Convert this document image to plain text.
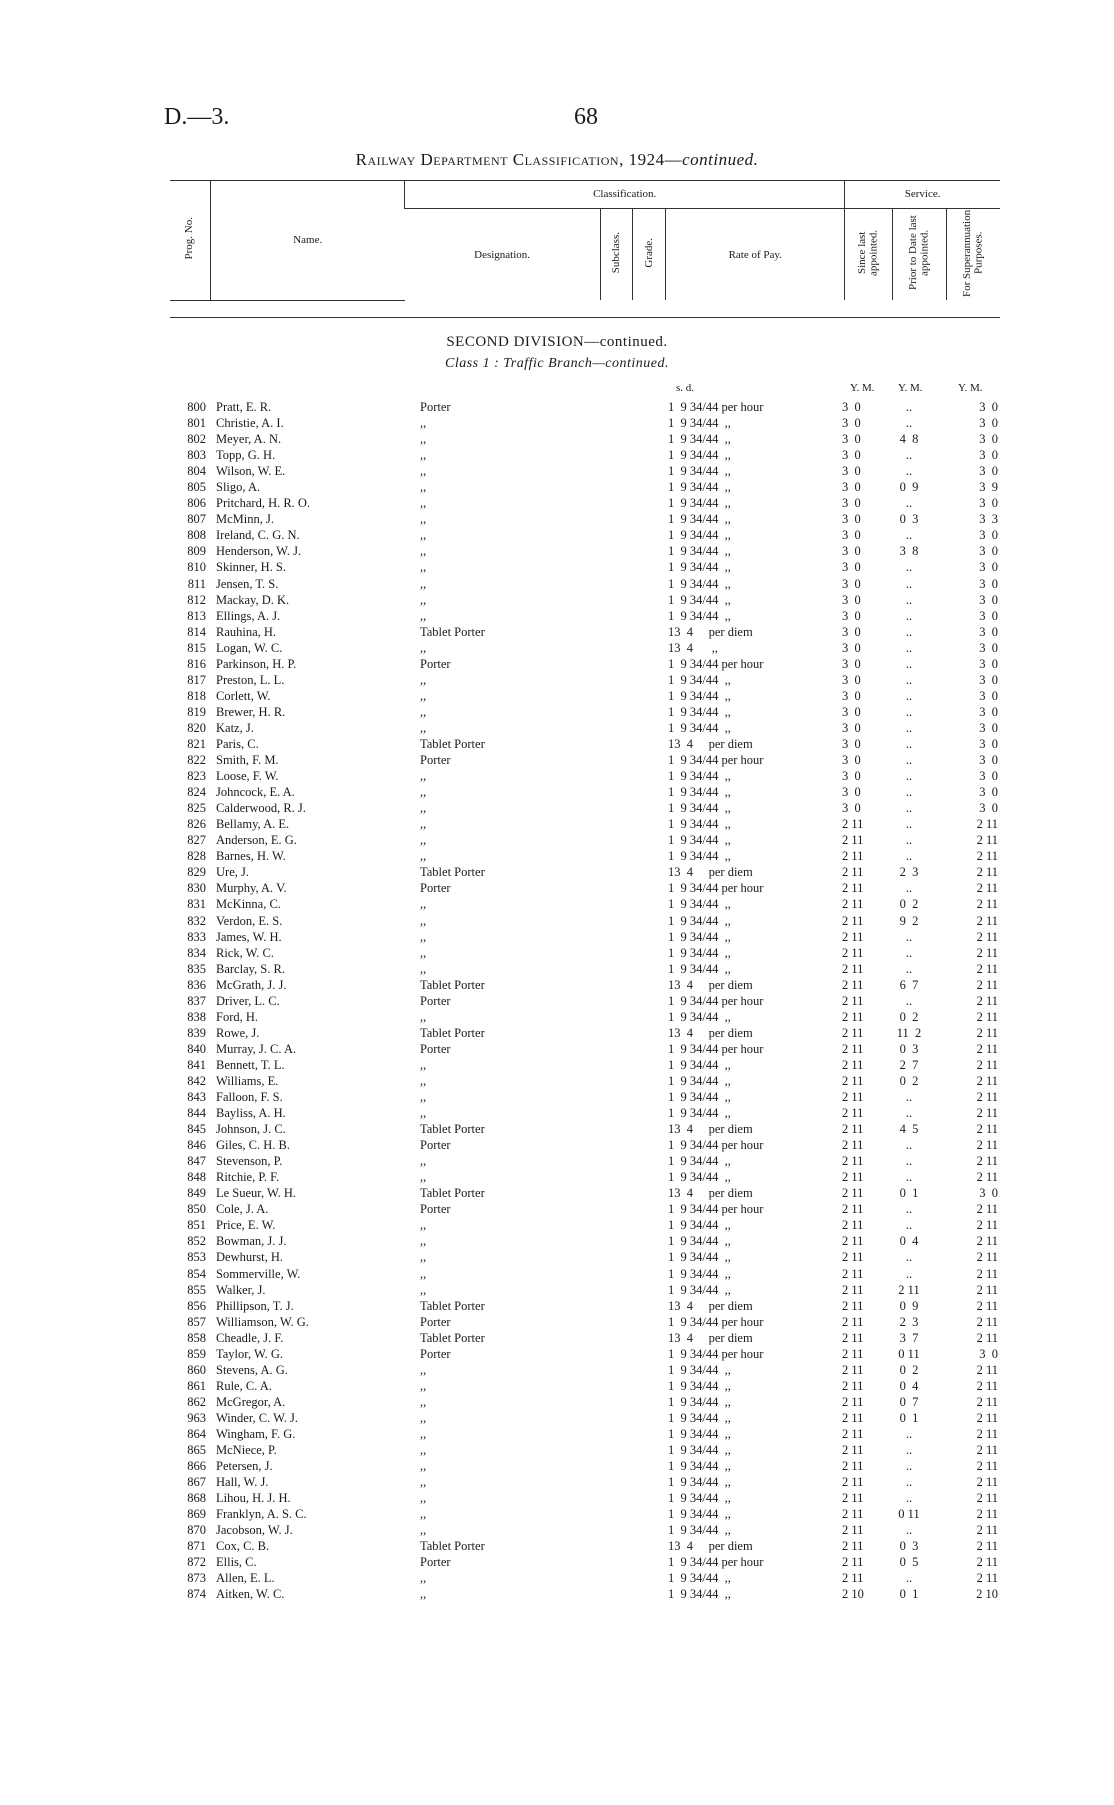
D.—3.	68
Railway Department Classification, 1924—continued.
Prog. No.	Name.	Classification.				Service.		
		Designation.	Subclass.	Grade.	Rate of Pay.	Since last appointed.	Prior to Date last appointed.	For Superannuation Purposes.
SECOND DIVISION—continued.
Class 1 : Traffic Branch—continued.
s. d.	Y. M. Y. M.	Y. M.
800 Pratt, E. R.	Porter	1  9 34/44 per hour	3  0	..	3  0
801 Christie, A. I.	,,	1  9 34/44  ,,	3  0	..	3  0
802 Meyer, A. N.	,,	1  9 34/44  ,,	3  0	4  8	3  0
803 Topp, G. H.	,,	1  9 34/44  ,,	3  0	..	3  0
804 Wilson, W. E.	,,	1  9 34/44  ,,	3  0	..	3  0
805 Sligo, A.	,,	1  9 34/44  ,,	3  0	0  9	3  9
806 Pritchard, H. R. O.	,,	1  9 34/44  ,,	3  0	..	3  0
807 McMinn, J.	,,	1  9 34/44  ,,	3  0	0  3	3  3
808 Ireland, C. G. N.	,,	1  9 34/44  ,,	3  0	..	3  0
809 Henderson, W. J.	,,	1  9 34/44  ,,	3  0	3  8	3  0
810 Skinner, H. S.	,,	1  9 34/44  ,,	3  0	..	3  0
811 Jensen, T. S.	,,	1  9 34/44  ,,	3  0	..	3  0
812 Mackay, D. K.	,,	1  9 34/44  ,,	3  0	..	3  0
813 Ellings, A. J.	,,	1  9 34/44  ,,	3  0	..	3  0
814 Rauhina, H.	Tablet Porter	13  4     per diem	3  0	..	3  0
815 Logan, W. C.	,,	13  4      ,,	3  0	..	3  0
816 Parkinson, H. P.	Porter	1  9 34/44 per hour	3  0	..	3  0
817 Preston, L. L.	,,	1  9 34/44  ,,	3  0	..	3  0
818 Corlett, W.	,,	1  9 34/44  ,,	3  0	..	3  0
819 Brewer, H. R.	,,	1  9 34/44  ,,	3  0	..	3  0
820 Katz, J.	,,	1  9 34/44  ,,	3  0	..	3  0
821 Paris, C.	Tablet Porter	13  4     per diem	3  0	..	3  0
822 Smith, F. M.	Porter	1  9 34/44 per hour	3  0	..	3  0
823 Loose, F. W.	,,	1  9 34/44  ,,	3  0	..	3  0
824 Johncock, E. A.	,,	1  9 34/44  ,,	3  0	..	3  0
825 Calderwood, R. J.	,,	1  9 34/44  ,,	3  0	..	3  0
826 Bellamy, A. E.	,,	1  9 34/44  ,,	2 11	..	2 11
827 Anderson, E. G.	,,	1  9 34/44  ,,	2 11	..	2 11
828 Barnes, H. W.	,,	1  9 34/44  ,,	2 11	..	2 11
829 Ure, J.	Tablet Porter	13  4     per diem	2 11	2  3	2 11
830 Murphy, A. V.	Porter	1  9 34/44 per hour	2 11	..	2 11
831 McKinna, C.	,,	1  9 34/44  ,,	2 11	0  2	2 11
832 Verdon, E. S.	,,	1  9 34/44  ,,	2 11	9  2	2 11
833 James, W. H.	,,	1  9 34/44  ,,	2 11	..	2 11
834 Rick, W. C.	,,	1  9 34/44  ,,	2 11	..	2 11
835 Barclay, S. R.	,,	1  9 34/44  ,,	2 11	..	2 11
836 McGrath, J. J.	Tablet Porter	13  4     per diem	2 11	6  7	2 11
837 Driver, L. C.	Porter	1  9 34/44 per hour	2 11	..	2 11
838 Ford, H.	,,	1  9 34/44  ,,	2 11	0  2	2 11
839 Rowe, J.	Tablet Porter	13  4     per diem	2 11	11  2	2 11
840 Murray, J. C. A.	Porter	1  9 34/44 per hour	2 11	0  3	2 11
841 Bennett, T. L.	,,	1  9 34/44  ,,	2 11	2  7	2 11
842 Williams, E.	,,	1  9 34/44  ,,	2 11	0  2	2 11
843 Falloon, F. S.	,,	1  9 34/44  ,,	2 11	..	2 11
844 Bayliss, A. H.	,,	1  9 34/44  ,,	2 11	..	2 11
845 Johnson, J. C.	Tablet Porter	13  4     per diem	2 11	4  5	2 11
846 Giles, C. H. B.	Porter	1  9 34/44 per hour	2 11	..	2 11
847 Stevenson, P.	,,	1  9 34/44  ,,	2 11	..	2 11
848 Ritchie, P. F.	,,	1  9 34/44  ,,	2 11	..	2 11
849 Le Sueur, W. H.	Tablet Porter	13  4     per diem	2 11	0  1	3  0
850 Cole, J. A.	Porter	1  9 34/44 per hour	2 11	..	2 11
851 Price, E. W.	,,	1  9 34/44  ,,	2 11	..	2 11
852 Bowman, J. J.	,,	1  9 34/44  ,,	2 11	0  4	2 11
853 Dewhurst, H.	,,	1  9 34/44  ,,	2 11	..	2 11
854 Sommerville, W.	,,	1  9 34/44  ,,	2 11	..	2 11
855 Walker, J.	,,	1  9 34/44  ,,	2 11	2 11	2 11
856 Phillipson, T. J.	Tablet Porter	13  4     per diem	2 11	0  9	2 11
857 Williamson, W. G.	Porter	1  9 34/44 per hour	2 11	2  3	2 11
858 Cheadle, J. F.	Tablet Porter	13  4     per diem	2 11	3  7	2 11
859 Taylor, W. G.	Porter	1  9 34/44 per hour	2 11	0 11	3  0
860 Stevens, A. G.	,,	1  9 34/44  ,,	2 11	0  2	2 11
861 Rule, C. A.	,,	1  9 34/44  ,,	2 11	0  4	2 11
862 McGregor, A.	,,	1  9 34/44  ,,	2 11	0  7	2 11
963 Winder, C. W. J.	,,	1  9 34/44  ,,	2 11	0  1	2 11
864 Wingham, F. G.	,,	1  9 34/44  ,,	2 11	..	2 11
865 McNiece, P.	,,	1  9 34/44  ,,	2 11	..	2 11
866 Petersen, J.	,,	1  9 34/44  ,,	2 11	..	2 11
867 Hall, W. J.	,,	1  9 34/44  ,,	2 11	..	2 11
868 Lihou, H. J. H.	,,	1  9 34/44  ,,	2 11	..	2 11
869 Franklyn, A. S. C.	,,	1  9 34/44  ,,	2 11	0 11	2 11
870 Jacobson, W. J.	,,	1  9 34/44  ,,	2 11	..	2 11
871 Cox, C. B.	Tablet Porter	13  4     per diem	2 11	0  3	2 11
872 Ellis, C.	Porter	1  9 34/44 per hour	2 11	0  5	2 11
873 Allen, E. L.	,,	1  9 34/44  ,,	2 11	..	2 11
874 Aitken, W. C.	,,	1  9 34/44  ,,	2 10	0  1	2 10
